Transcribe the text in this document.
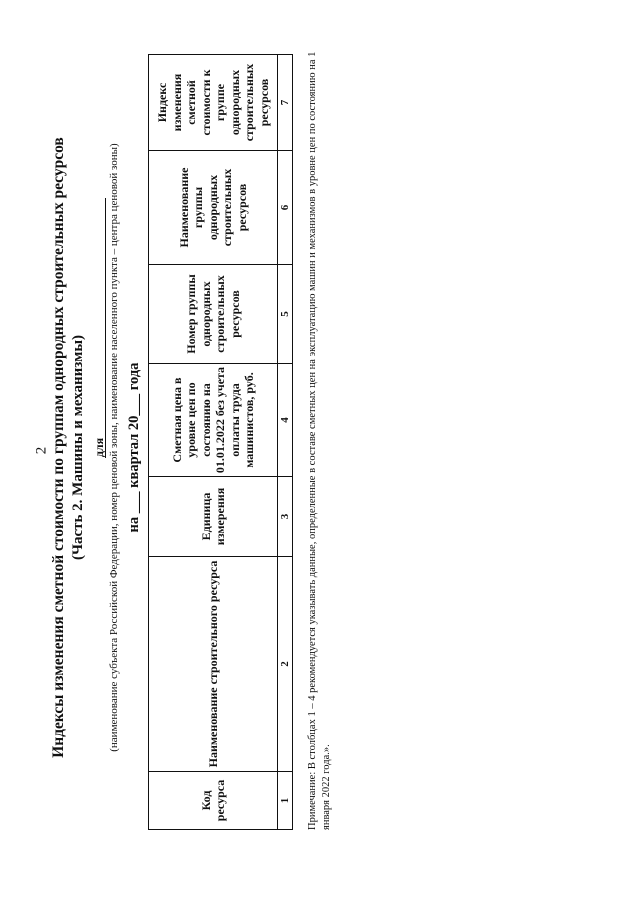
2 Индексы изменения сметной стоимости по группам однородных строительных ресурсов (Часть 2. Машины и механизмы) для (наименование субъекта Российской Федерации, номер ценовой зоны, наименование населенного пункта – центра ценовой зоны) на ___ квартал 20___ года
Код ресурса	Наименование строительного ресурса	Единица измерения	Сметная цена в уровне цен по состоянию на 01.01.2022 без учета оплаты труда машинистов, руб.	Номер группы однородных строительных ресурсов	Наименование группы однородных строительных ресурсов	Индекс изменения сметной стоимости к группе однородных строительных ресурсов
1	2	3	4	5	6	7 Примечание: В столбцах 1 – 4 рекомендуется указывать данные, определенные в составе сметных цен на эксплуатацию машин и механизмов в уровне цен по состоянию на 1 января 2022 года.».
